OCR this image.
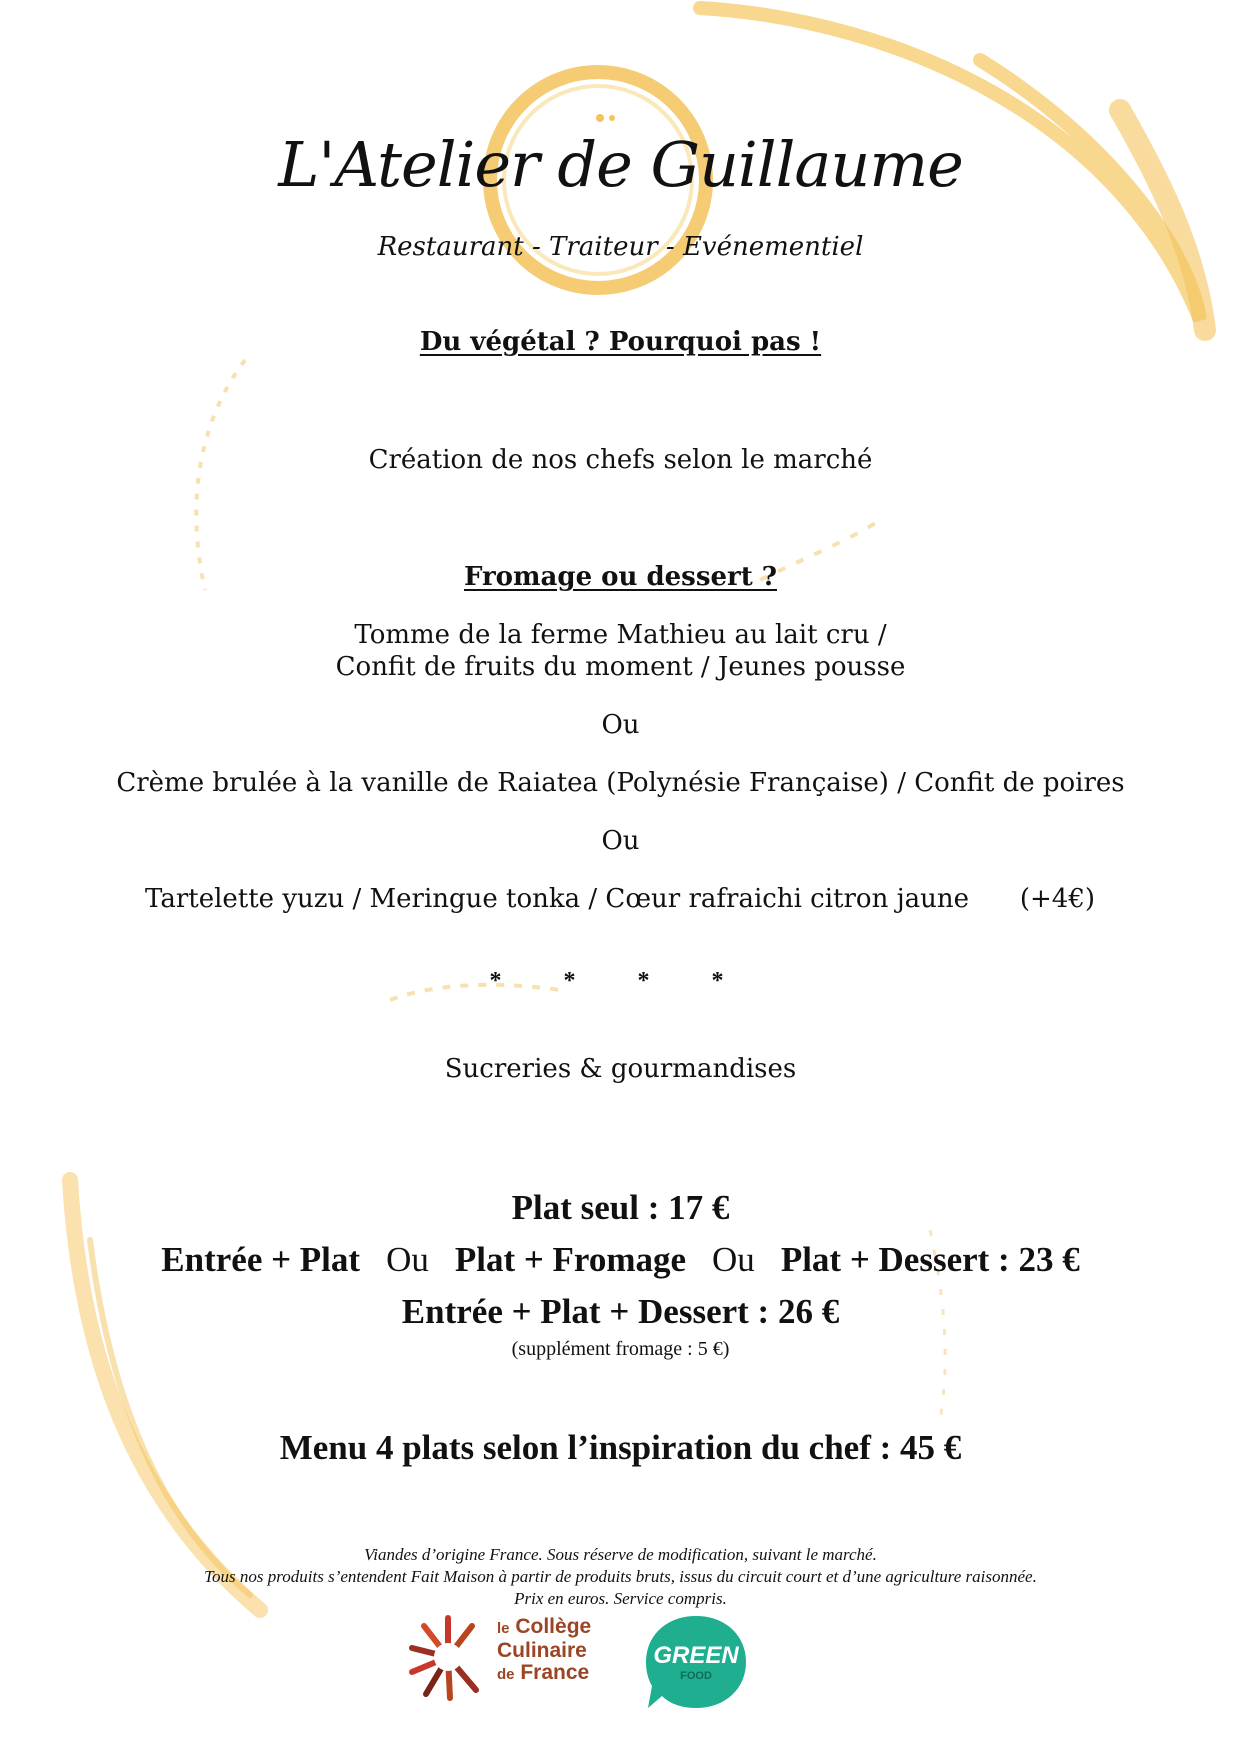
L'Atelier de Guillaume
Restaurant - Traiteur - Evénementiel
Du végétal ? Pourquoi pas !
Création de nos chefs selon le marché
Fromage ou dessert ?
Tomme de la ferme Mathieu au lait cru /
Confit de fruits du moment / Jeunes pousse
Ou
Crème brulée à la vanille de Raiatea (Polynésie Française) / Confit de poires
Ou
Tartelette yuzu / Meringue tonka / Cœur rafraichi citron jaune (+4€)
* * * *
Sucreries & gourmandises
Plat seul : 17 €
Entrée + Plat Ou Plat + Fromage Ou Plat + Dessert : 23 €
Entrée + Plat + Dessert : 26 €
(supplément fromage : 5 €)
Menu 4 plats selon l’inspiration du chef : 45 €
Viandes d’origine France. Sous réserve de modification, suivant le marché.
Tous nos produits s’entendent Fait Maison à partir de produits bruts, issus du circuit court et d’une agriculture raisonnée.
Prix en euros. Service compris.
le Collège
Culinaire
de France
GREEN
FOOD
